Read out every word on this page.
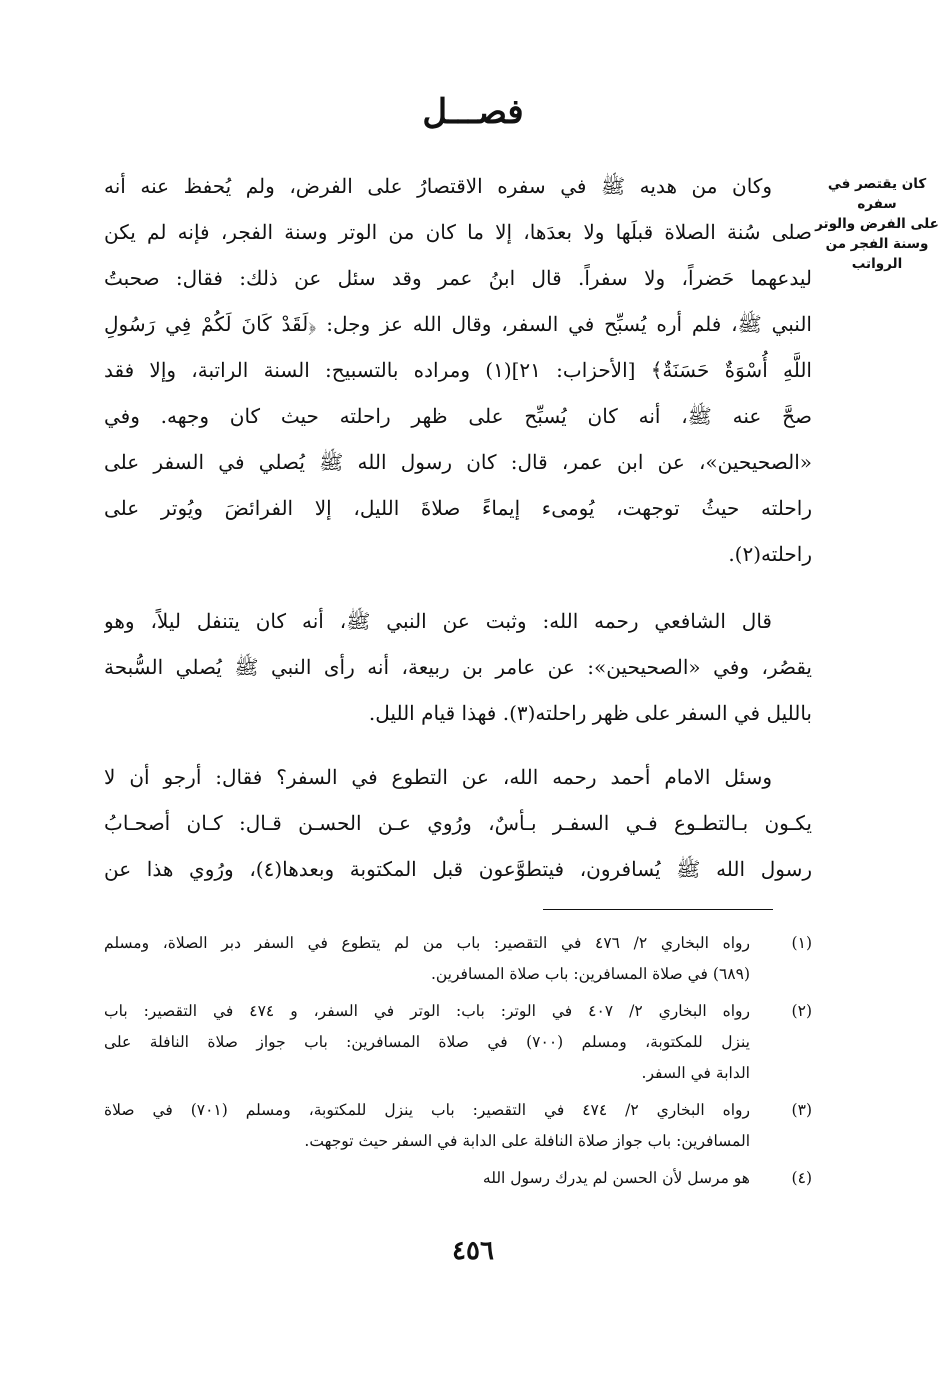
فصـــل
كان يقتصر في سفره
على الفرض والوتر
وسنة الفجر من الرواتب
وكان من هديه ﷺ في سفره الاقتصارُ على الفرض، ولم يُحفظ عنه أنه
صلى سُنة الصلاة قبلَها ولا بعدَها، إلا ما كان من الوتر وسنة الفجر، فإنه لم يكن
ليدعهما حَضراً، ولا سفراً. قال ابنُ عمر وقد سئل عن ذلك: فقال: صحبتُ
النبي ﷺ، فلم أره يُسبِّح في السفر، وقال الله عز وجل: ﴿لَقَدْ كَانَ لَكُمْ فِي رَسُولِ
اللَّهِ أُسْوَةٌ حَسَنَةٌ﴾ [الأحزاب: ٢١](١) ومراده بالتسبيح: السنة الراتبة، وإلا فقد
صحَّ عنه ﷺ، أنه كان يُسبِّح على ظهر راحلته حيث كان وجهه. وفي
«الصحيحين»، عن ابن عمر، قال: كان رسول الله ﷺ يُصلي في السفر على
راحلته حيثُ توجهت، يُومىء إيماءً صلاةَ الليل، إلا الفرائضَ ويُوتر على
راحلته(٢).
قال الشافعي رحمه الله: وثبت عن النبي ﷺ، أنه كان يتنفل ليلاً، وهو
يقصُر، وفي «الصحيحين»: عن عامر بن ربيعة، أنه رأى النبي ﷺ يُصلي السُّبحة
بالليل في السفر على ظهر راحلته(٣). فهذا قيام الليل.
وسئل الامام أحمد رحمه الله، عن التطوع في السفر؟ فقال: أرجو أن لا
يكـون بـالتطـوع فـي السفـر بـأسٌ، ورُوي عـن الحسـن قـال: كـان أصحـابُ
رسول الله ﷺ يُسافرون، فيتطوَّعون قبل المكتوبة وبعدها(٤)، ورُوي هذا عن
(١)
رواه البخاري ٢/ ٤٧٦ في التقصير: باب من لم يتطوع في السفر دبر الصلاة، ومسلم
(٦٨٩) في صلاة المسافرين: باب صلاة المسافرين.
(٢)
رواه البخاري ٢/ ٤٠٧ في الوتر: باب: الوتر في السفر، و ٤٧٤ في التقصير: باب
ينزل للمكتوبة، ومسلم (٧٠٠) في صلاة المسافرين: باب جواز صلاة النافلة على
الدابة في السفر.
(٣)
رواه البخاري ٢/ ٤٧٤ في التقصير: باب ينزل للمكتوبة، ومسلم (٧٠١) في صلاة
المسافرين: باب جواز صلاة النافلة على الدابة في السفر حيث توجهت.
(٤)
هو مرسل لأن الحسن لم يدرك رسول الله
٤٥٦
